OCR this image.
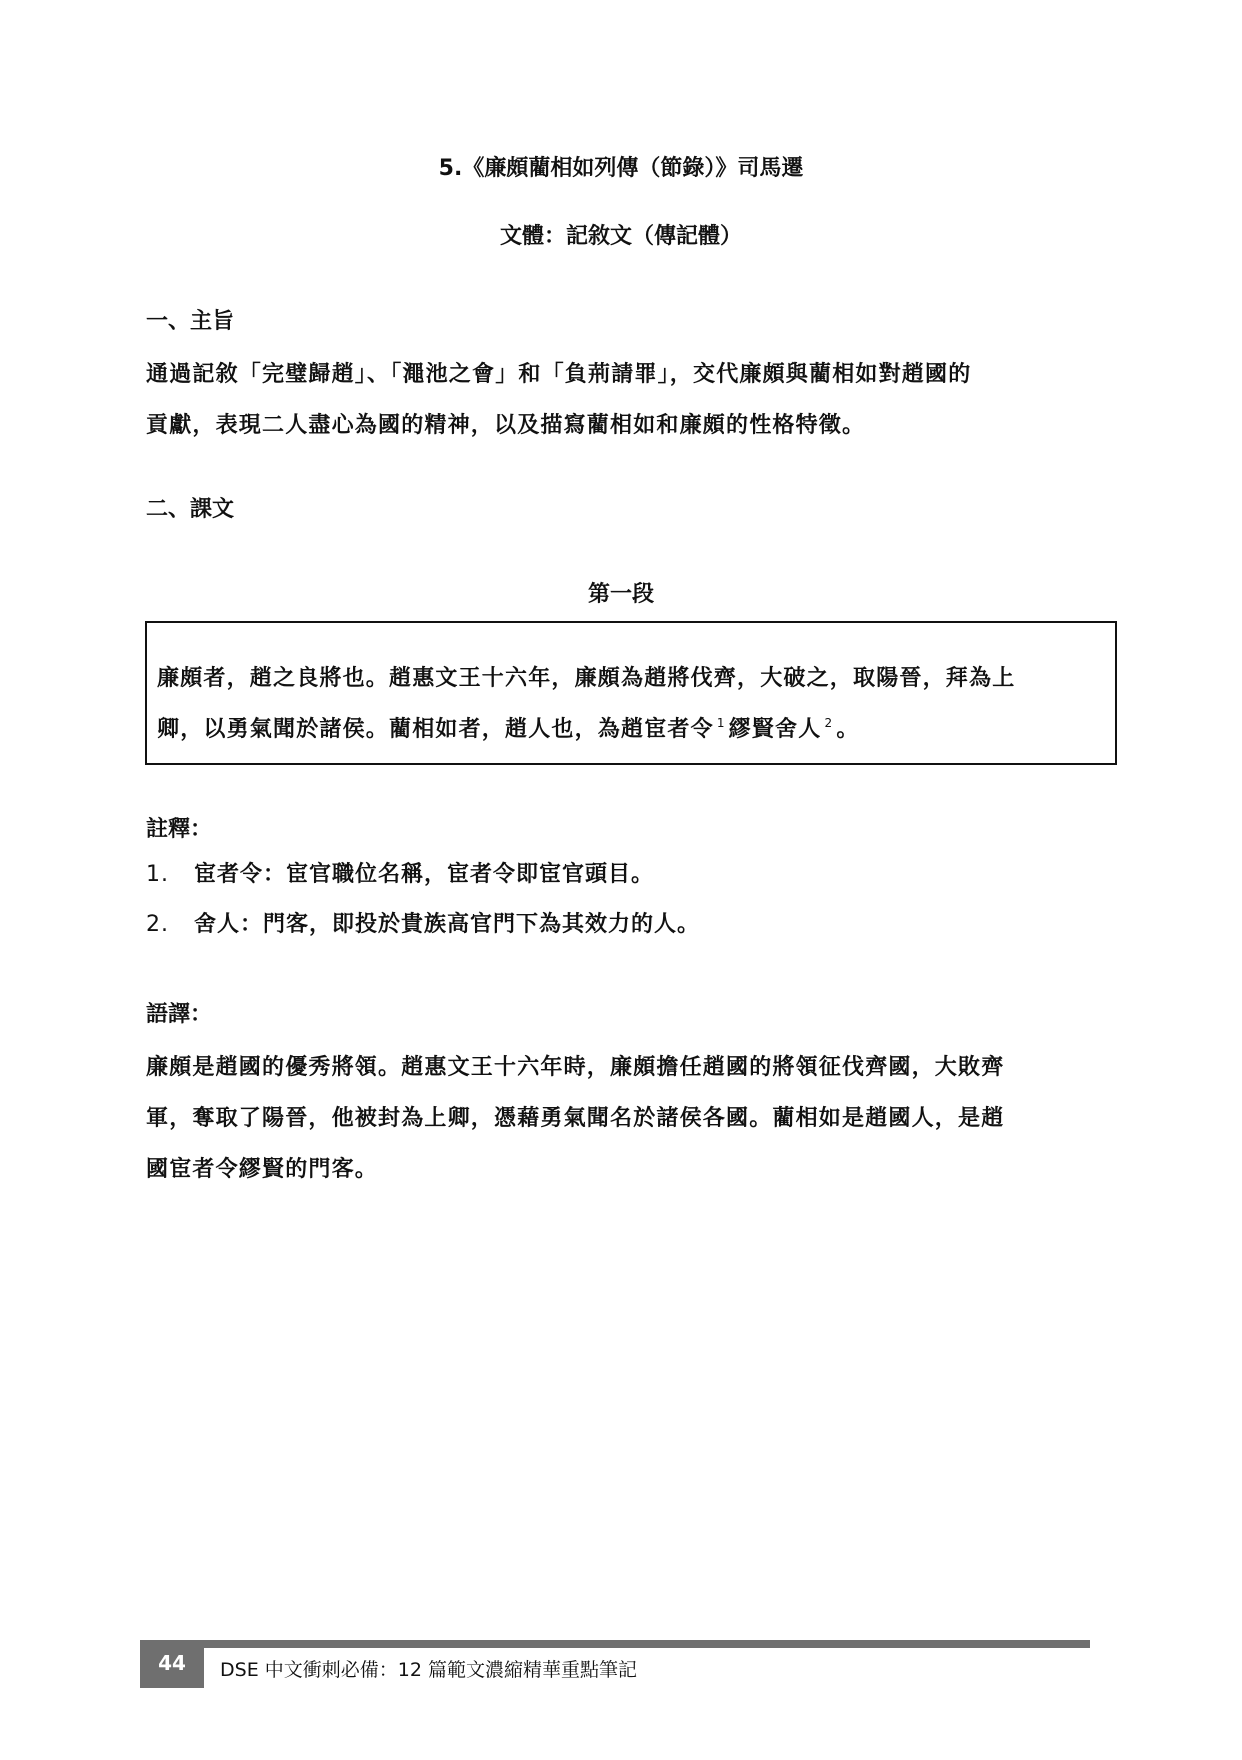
5.《廉頗藺相如列傳（節錄）》司馬遷
文體：記敘文（傳記體）
一、主旨
通過記敘「完璧歸趙」、「澠池之會」和「負荊請罪」，交代廉頗與藺相如對趙國的
貢獻，表現二人盡心為國的精神，以及描寫藺相如和廉頗的性格特徵。
二、課文
第一段
廉頗者，趙之良將也。趙惠文王十六年，廉頗為趙將伐齊，大破之，取陽晉，拜為上
卿，以勇氣聞於諸侯。藺相如者，趙人也，為趙宦者令 $^1$ 繆賢舍人 $^2$ 。
註釋：
1. 宦者令：宦官職位名稱，宦者令即宦官頭目。
2. 舍人：門客，即投於貴族高官門下為其效力的人。
語譯：
廉頗是趙國的優秀將領。趙惠文王十六年時，廉頗擔任趙國的將領征伐齊國，大敗齊
軍，奪取了陽晉，他被封為上卿，憑藉勇氣聞名於諸侯各國。藺相如是趙國人，是趙
國宦者令繆賢的門客。
44	DSE 中文衝刺必備：12 篇範文濃縮精華重點筆記
